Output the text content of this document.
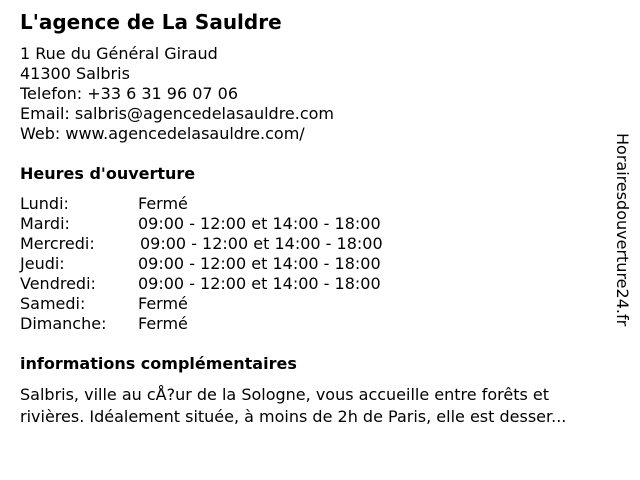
L'agence de La Sauldre
1 Rue du Général Giraud
41300 Salbris
Telefon: +33 6 31 96 07 06
Email: salbris@agencedelasauldre.com
Web: www.agencedelasauldre.com/
Heures d'ouverture
Lundi:	Fermé
Mardi:	09:00 - 12:00 et 14:00 - 18:00
Mercredi:	09:00 - 12:00 et 14:00 - 18:00
Jeudi:	09:00 - 12:00 et 14:00 - 18:00
Vendredi:	09:00 - 12:00 et 14:00 - 18:00
Samedi:	Fermé
Dimanche: Fermé
informations complémentaires
Salbris, ville au cÅ?ur de la Sologne, vous accueille entre forêts et
rivières. Idéalement située, à moins de 2h de Paris, elle est desser...
Horairesdouverture24.fr
